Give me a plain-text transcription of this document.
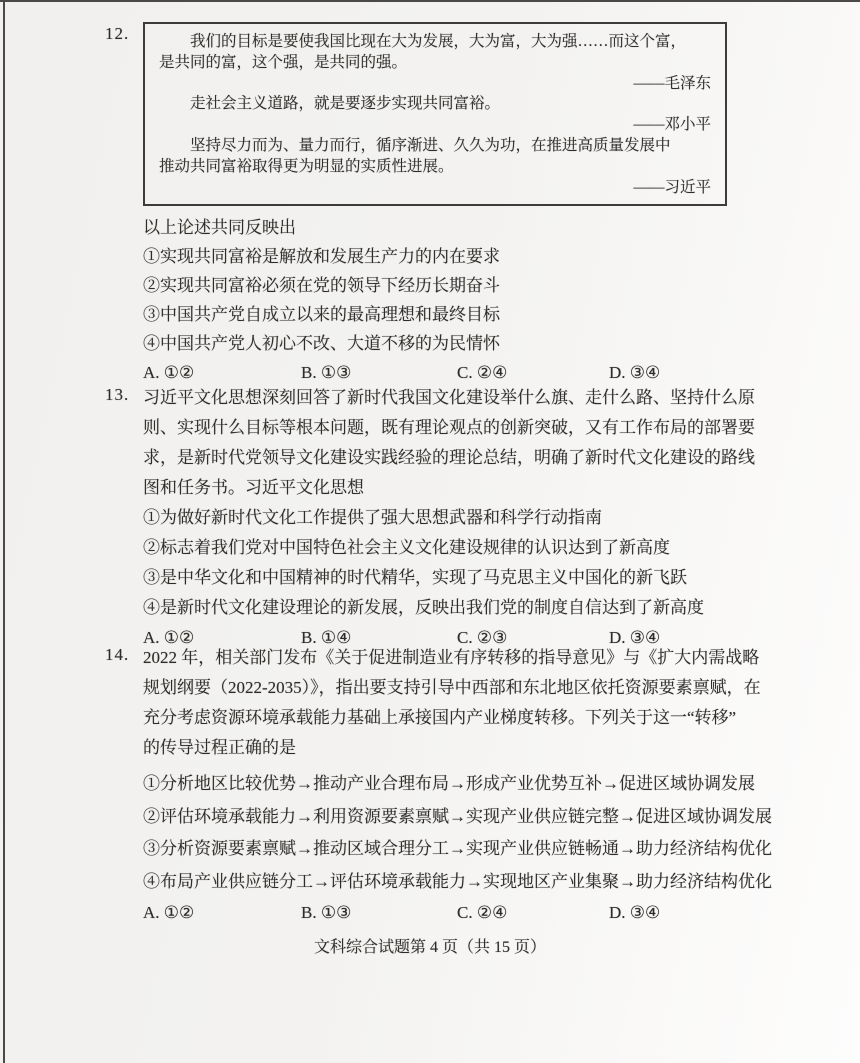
12.	我们的目标是要使我国比现在大为发展，大为富，大为强……而这个富，

是共同的富，这个强，是共同的强。

——毛泽东

走社会主义道路，就是要逐步实现共同富裕。

——邓小平

坚持尽力而为、量力而行，循序渐进、久久为功，在推进高质量发展中

推动共同富裕取得更为明显的实质性进展。

——习近平

以上论述共同反映出

①实现共同富裕是解放和发展生产力的内在要求

②实现共同富裕必须在党的领导下经历长期奋斗

③中国共产党自成立以来的最高理想和最终目标

④中国共产党人初心不改、大道不移的为民情怀

A. ①②	B. ①③	C. ②④	D. ③④
13. 习近平文化思想深刻回答了新时代我国文化建设举什么旗、走什么路、坚持什么原

则、实现什么目标等根本问题，既有理论观点的创新突破，又有工作布局的部署要

求，是新时代党领导文化建设实践经验的理论总结，明确了新时代文化建设的路线

图和任务书。习近平文化思想

①为做好新时代文化工作提供了强大思想武器和科学行动指南

②标志着我们党对中国特色社会主义文化建设规律的认识达到了新高度

③是中华文化和中国精神的时代精华，实现了马克思主义中国化的新飞跃

④是新时代文化建设理论的新发展，反映出我们党的制度自信达到了新高度

A. ①②	B. ①④	C. ②③	D. ③④
14. 2022 年，相关部门发布《关于促进制造业有序转移的指导意见》与《扩大内需战略

规划纲要（2022-2035）》，指出要支持引导中西部和东北地区依托资源要素禀赋，在

充分考虑资源环境承载能力基础上承接国内产业梯度转移。下列关于这一“转移”

的传导过程正确的是

①分析地区比较优势→推动产业合理布局→形成产业优势互补→促进区域协调发展

②评估环境承载能力→利用资源要素禀赋→实现产业供应链完整→促进区域协调发展

③分析资源要素禀赋→推动区域合理分工→实现产业供应链畅通→助力经济结构优化

④布局产业供应链分工→评估环境承载能力→实现地区产业集聚→助力经济结构优化

A. ①②	B. ①③	C. ②④	D. ③④
文科综合试题第 4 页（共 15 页）
